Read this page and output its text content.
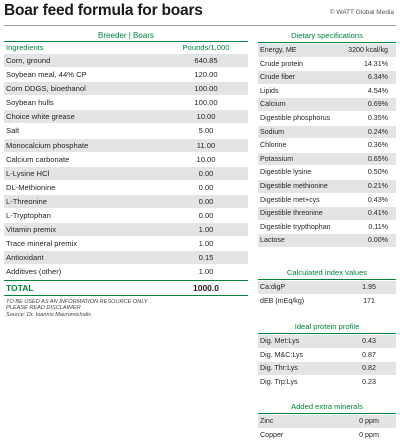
Boar feed formula for boars	© WATT Global Media
Breeder | Boars
Ingredients	Pounds/1,000
Corn, ground	640.85
Soybean meal, 44% CP	120.00
Corn DDGS, bioethanol	100.00
Soybean hulls	100.00
Choice white grease	10.00
Salt	5.00
Monocalcium phosphate	11.00
Calcium carbonate	10.00
L-Lysine HCl	0.00
DL-Methionine	0.00
L-Threonine	0.00
L-Tryptophan	0.00
Vitamin premix	1.00
Trace mineral premix	1.00
Antioxidant	0.15
Additives (other)	1.00
TOTAL	1000.0
TO BE USED AS AN INFORMATION RESOURCE ONLY
PLEASE READ DISCLAIMER
Source: Dr. Ioannis Mavromichalis
Dietary specifications
Energy, ME	3200 kcal/kg
Crude protein	14.31%
Crude fiber	6.34%
Lipids	4.54%
Calcium	0.69%
Digestible phosphorus	0.35%
Sodium	0.24%
Chlorine	0.36%
Potassium	0.65%
Digestible lysine	0.50%
Digestible methionine	0.21%
Digestible met+cys	0.43%
Digestible threonine	0.41%
Digestible trypthophan	0.11%
Lactose	0.00%
Calculated index values
Ca:digP	1.95
dEB (mEq/kg)	171
Ideal protein profile
Dig. Met:Lys	0.43
Dig. M&C:Lys	0.87
Dig. Thr:Lys	0.82
Dig. Trp:Lys	0.23
Added extra minerals
Zinc	0 ppm
Copper	0 ppm
